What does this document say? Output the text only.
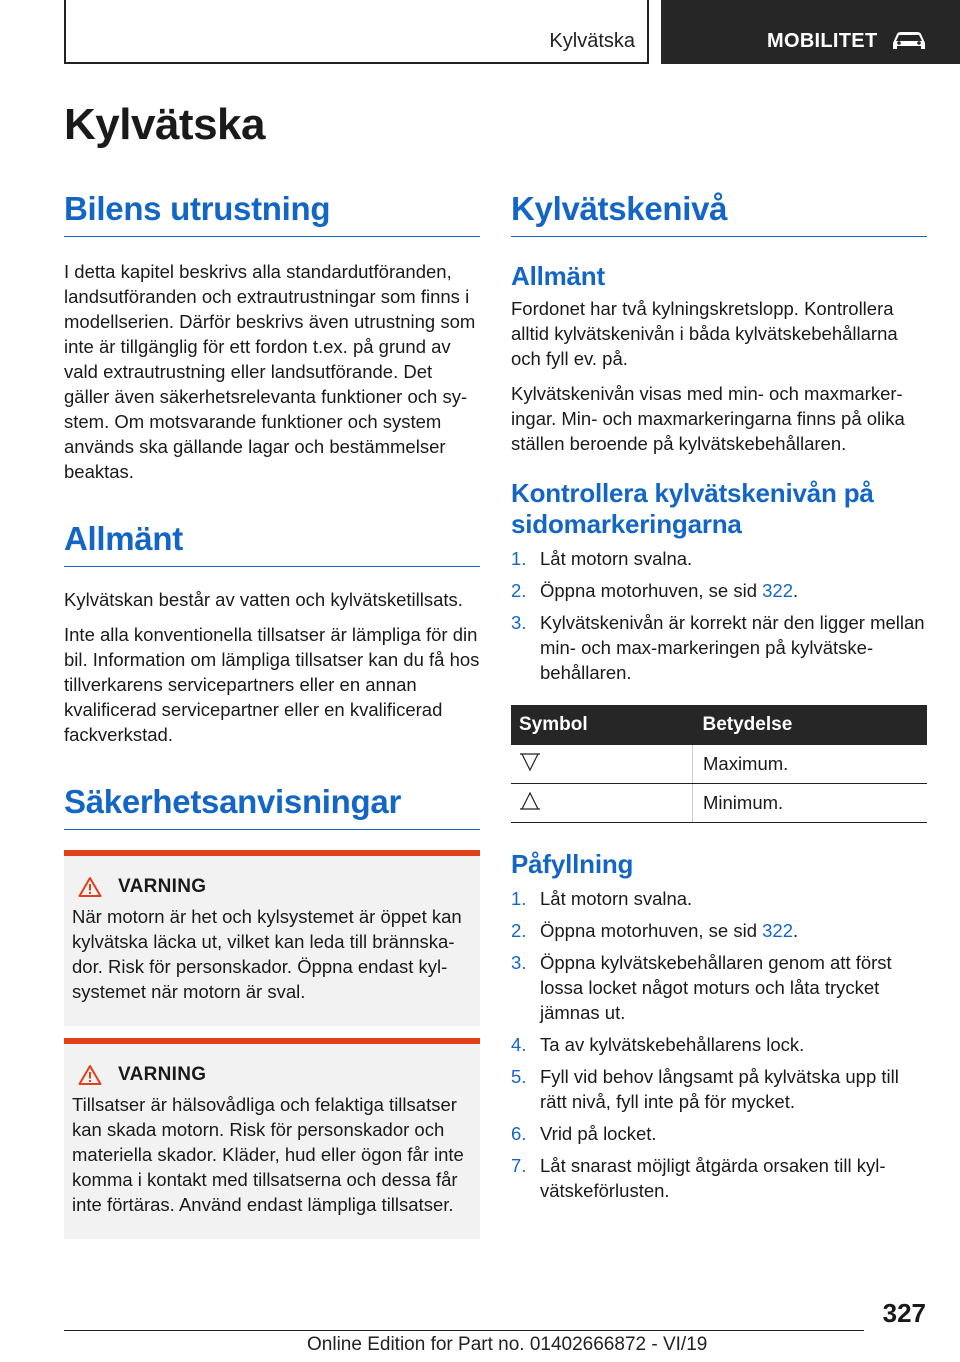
Kylvätska	MOBILITET
Kylvätska
Bilens utrustning

I detta kapitel beskrivs alla standardutföranden, landsutföranden och extrautrustningar som finns i modellserien. Därför beskrivs även utrustning som inte är tillgänglig för ett fordon t.ex. på grund av vald extrautrustning eller landsutförande. Det gäller även säkerhetsrelevanta funktioner och system. Om motsvarande funktioner och system används ska gällande lagar och bestämmelser beaktas.

Allmänt

Kylvätskan består av vatten och kylvätsketillsats.

Inte alla konventionella tillsatser är lämpliga för din bil. Information om lämpliga tillsatser kan du få hos tillverkarens servicepartners eller en annan kvalificerad servicepartner eller en kvalificerad fackverkstad.

Säkerhetsanvisningar
VARNING

När motorn är het och kylsystemet är öppet kan kylvätska läcka ut, vilket kan leda till brännskador. Risk för personskador. Öppna endast kylsystemet när motorn är sval.

VARNING

Tillsatser är hälsovådliga och felaktiga tillsatser kan skada motorn. Risk för personskador och materiella skador. Kläder, hud eller ögon får inte komma i kontakt med tillsatserna och dessa får inte förtäras. Använd endast lämpliga tillsatser.

Kylvätskenivå
Allmänt

Fordonet har två kylningskretslopp. Kontrollera alltid kylvätskenivån i båda kylvätskebehållarna och fyll ev. på.

Kylvätskenivån visas med min- och maxmarkeringar. Min- och maxmarkeringarna finns på olika ställen beroende på kylvätskebehållaren.

Kontrollera kylvätskenivån på sidomarkeringarna
1. Låt motorn svalna.
2. Öppna motorhuven, se sid 322.
3. Kylvätskenivån är korrekt när den ligger mellan min- och max-markeringen på kylvätskebehållaren.
Symbol	Betydelse
	Maximum.
	Minimum.
Påfyllning
1. Låt motorn svalna.
2. Öppna motorhuven, se sid 322.
3. Öppna kylvätskebehållaren genom att först lossa locket något moturs och låta trycket jämnas ut.
4. Ta av kylvätskebehållarens lock.
5. Fyll vid behov långsamt på kylvätska upp till rätt nivå, fyll inte på för mycket.
6. Vrid på locket.
7. Låt snarast möjligt åtgärda orsaken till kylvätskeförlusten.
327
Online Edition for Part no. 01402666872 - VI/19
